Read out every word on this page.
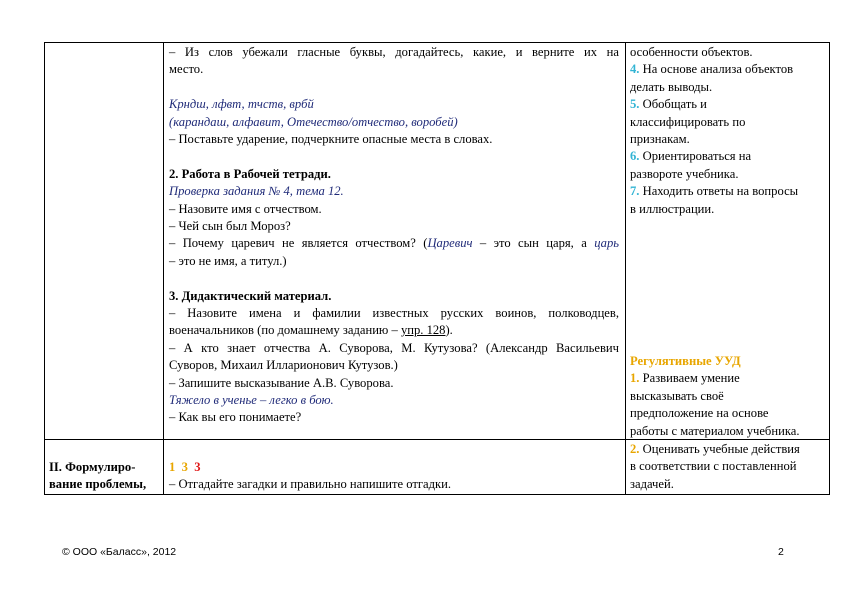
– Из слов убежали гласные буквы, догадайтесь, какие, и верните их на

место.

Крндш, лфвт, тчств, врбй

(карандаш, алфавит, Отечество/отчество, воробей)

– Поставьте ударение, подчеркните опасные места в словах.

2. Работа в Рабочей тетради.

Проверка задания № 4, тема 12.

– Назовите имя с отчеством.

– Чей сын был Мороз?

– Почему царевич не является отчеством? (Царевич – это сын царя, а царь

– это не имя, а титул.)

3. Дидактический материал.

– Назовите имена и фамилии известных русских воинов, полководцев,

военачальников (по домашнему заданию – упр. 128).

– А кто знает отчества А. Суворова, М. Кутузова? (Александр Васильевич

Суворов, Михаил Илларионович Кутузов.)

– Запишите высказывание А.В. Суворова.

Тяжело в ученье – легко в бою.

– Как вы его понимаете?

особенности объектов.

4. На основе анализа объектов

делать выводы.

5. Обобщать и

классифицировать по

признакам.

6. Ориентироваться на

развороте учебника.

7. Находить ответы на вопросы

в иллюстрации.

Регулятивные УУД

1. Развиваем умение

высказывать своё

предположение на основе

работы с материалом учебника.

II. Формулиро-
вание проблемы,
1 3 3
– Отгадайте загадки и правильно напишите отгадки.

2. Оценивать учебные действия

в соответствии с поставленной

задачей.

© ООО «Баласс», 2012	2
